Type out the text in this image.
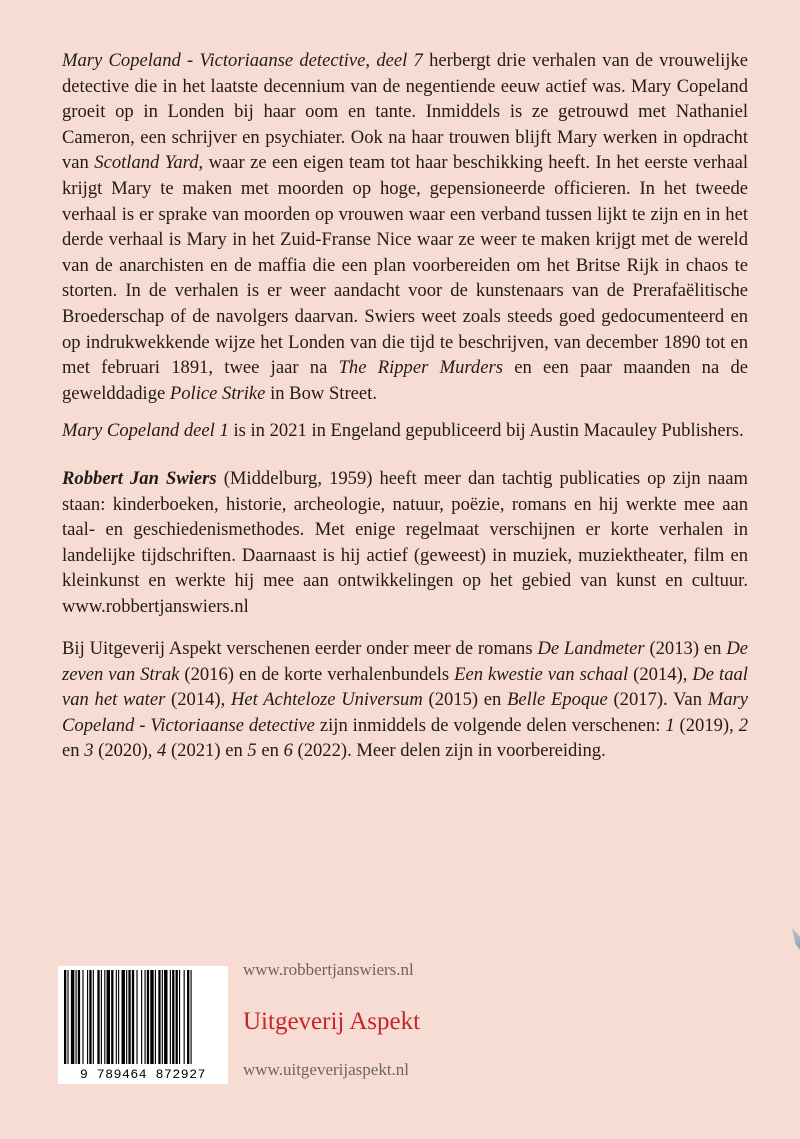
Mary Copeland - Victoriaanse detective, deel 7 herbergt drie verhalen van de vrouwelijke detective die in het laatste decennium van de negentiende eeuw actief was. Mary Copeland groeit op in Londen bij haar oom en tante. Inmiddels is ze getrouwd met Nathaniel Cameron, een schrijver en psychiater. Ook na haar trouwen blijft Mary werken in opdracht van Scotland Yard, waar ze een eigen team tot haar beschikking heeft. In het eerste verhaal krijgt Mary te maken met moorden op hoge, gepensioneerde officieren. In het tweede verhaal is er sprake van moorden op vrouwen waar een verband tussen lijkt te zijn en in het derde verhaal is Mary in het Zuid-Franse Nice waar ze weer te maken krijgt met de wereld van de anarchisten en de maffia die een plan voorbereiden om het Britse Rijk in chaos te storten. In de verhalen is er weer aandacht voor de kunstenaars van de Prerafaëlitische Broederschap of de navolgers daarvan. Swiers weet zoals steeds goed gedocumenteerd en op indrukwekkende wijze het Londen van die tijd te beschrijven, van december 1890 tot en met februari 1891, twee jaar na The Ripper Murders en een paar maanden na de gewelddadige Police Strike in Bow Street.

Mary Copeland deel 1 is in 2021 in Engeland gepubliceerd bij Austin Macauley Publishers.

Robbert Jan Swiers (Middelburg, 1959) heeft meer dan tachtig publicaties op zijn naam staan: kinderboeken, historie, archeologie, natuur, poëzie, romans en hij werkte mee aan taal- en geschiedenismethodes. Met enige regelmaat verschijnen er korte verhalen in landelijke tijdschriften. Daarnaast is hij actief (geweest) in muziek, muziektheater, film en kleinkunst en werkte hij mee aan ontwikkelingen op het gebied van kunst en cultuur. www.robbertjanswiers.nl

Bij Uitgeverij Aspekt verschenen eerder onder meer de romans De Landmeter (2013) en De zeven van Strak (2016) en de korte verhalenbundels Een kwestie van schaal (2014), De taal van het water (2014), Het Achteloze Universum (2015) en Belle Epoque (2017). Van Mary Copeland - Victoriaanse detective zijn inmiddels de volgende delen verschenen: 1 (2019), 2 en 3 (2020), 4 (2021) en 5 en 6 (2022). Meer delen zijn in voorbereiding.

9 789464 872927
www.robbertjanswiers.nl
Uitgeverij Aspekt
www.uitgeverijaspekt.nl
